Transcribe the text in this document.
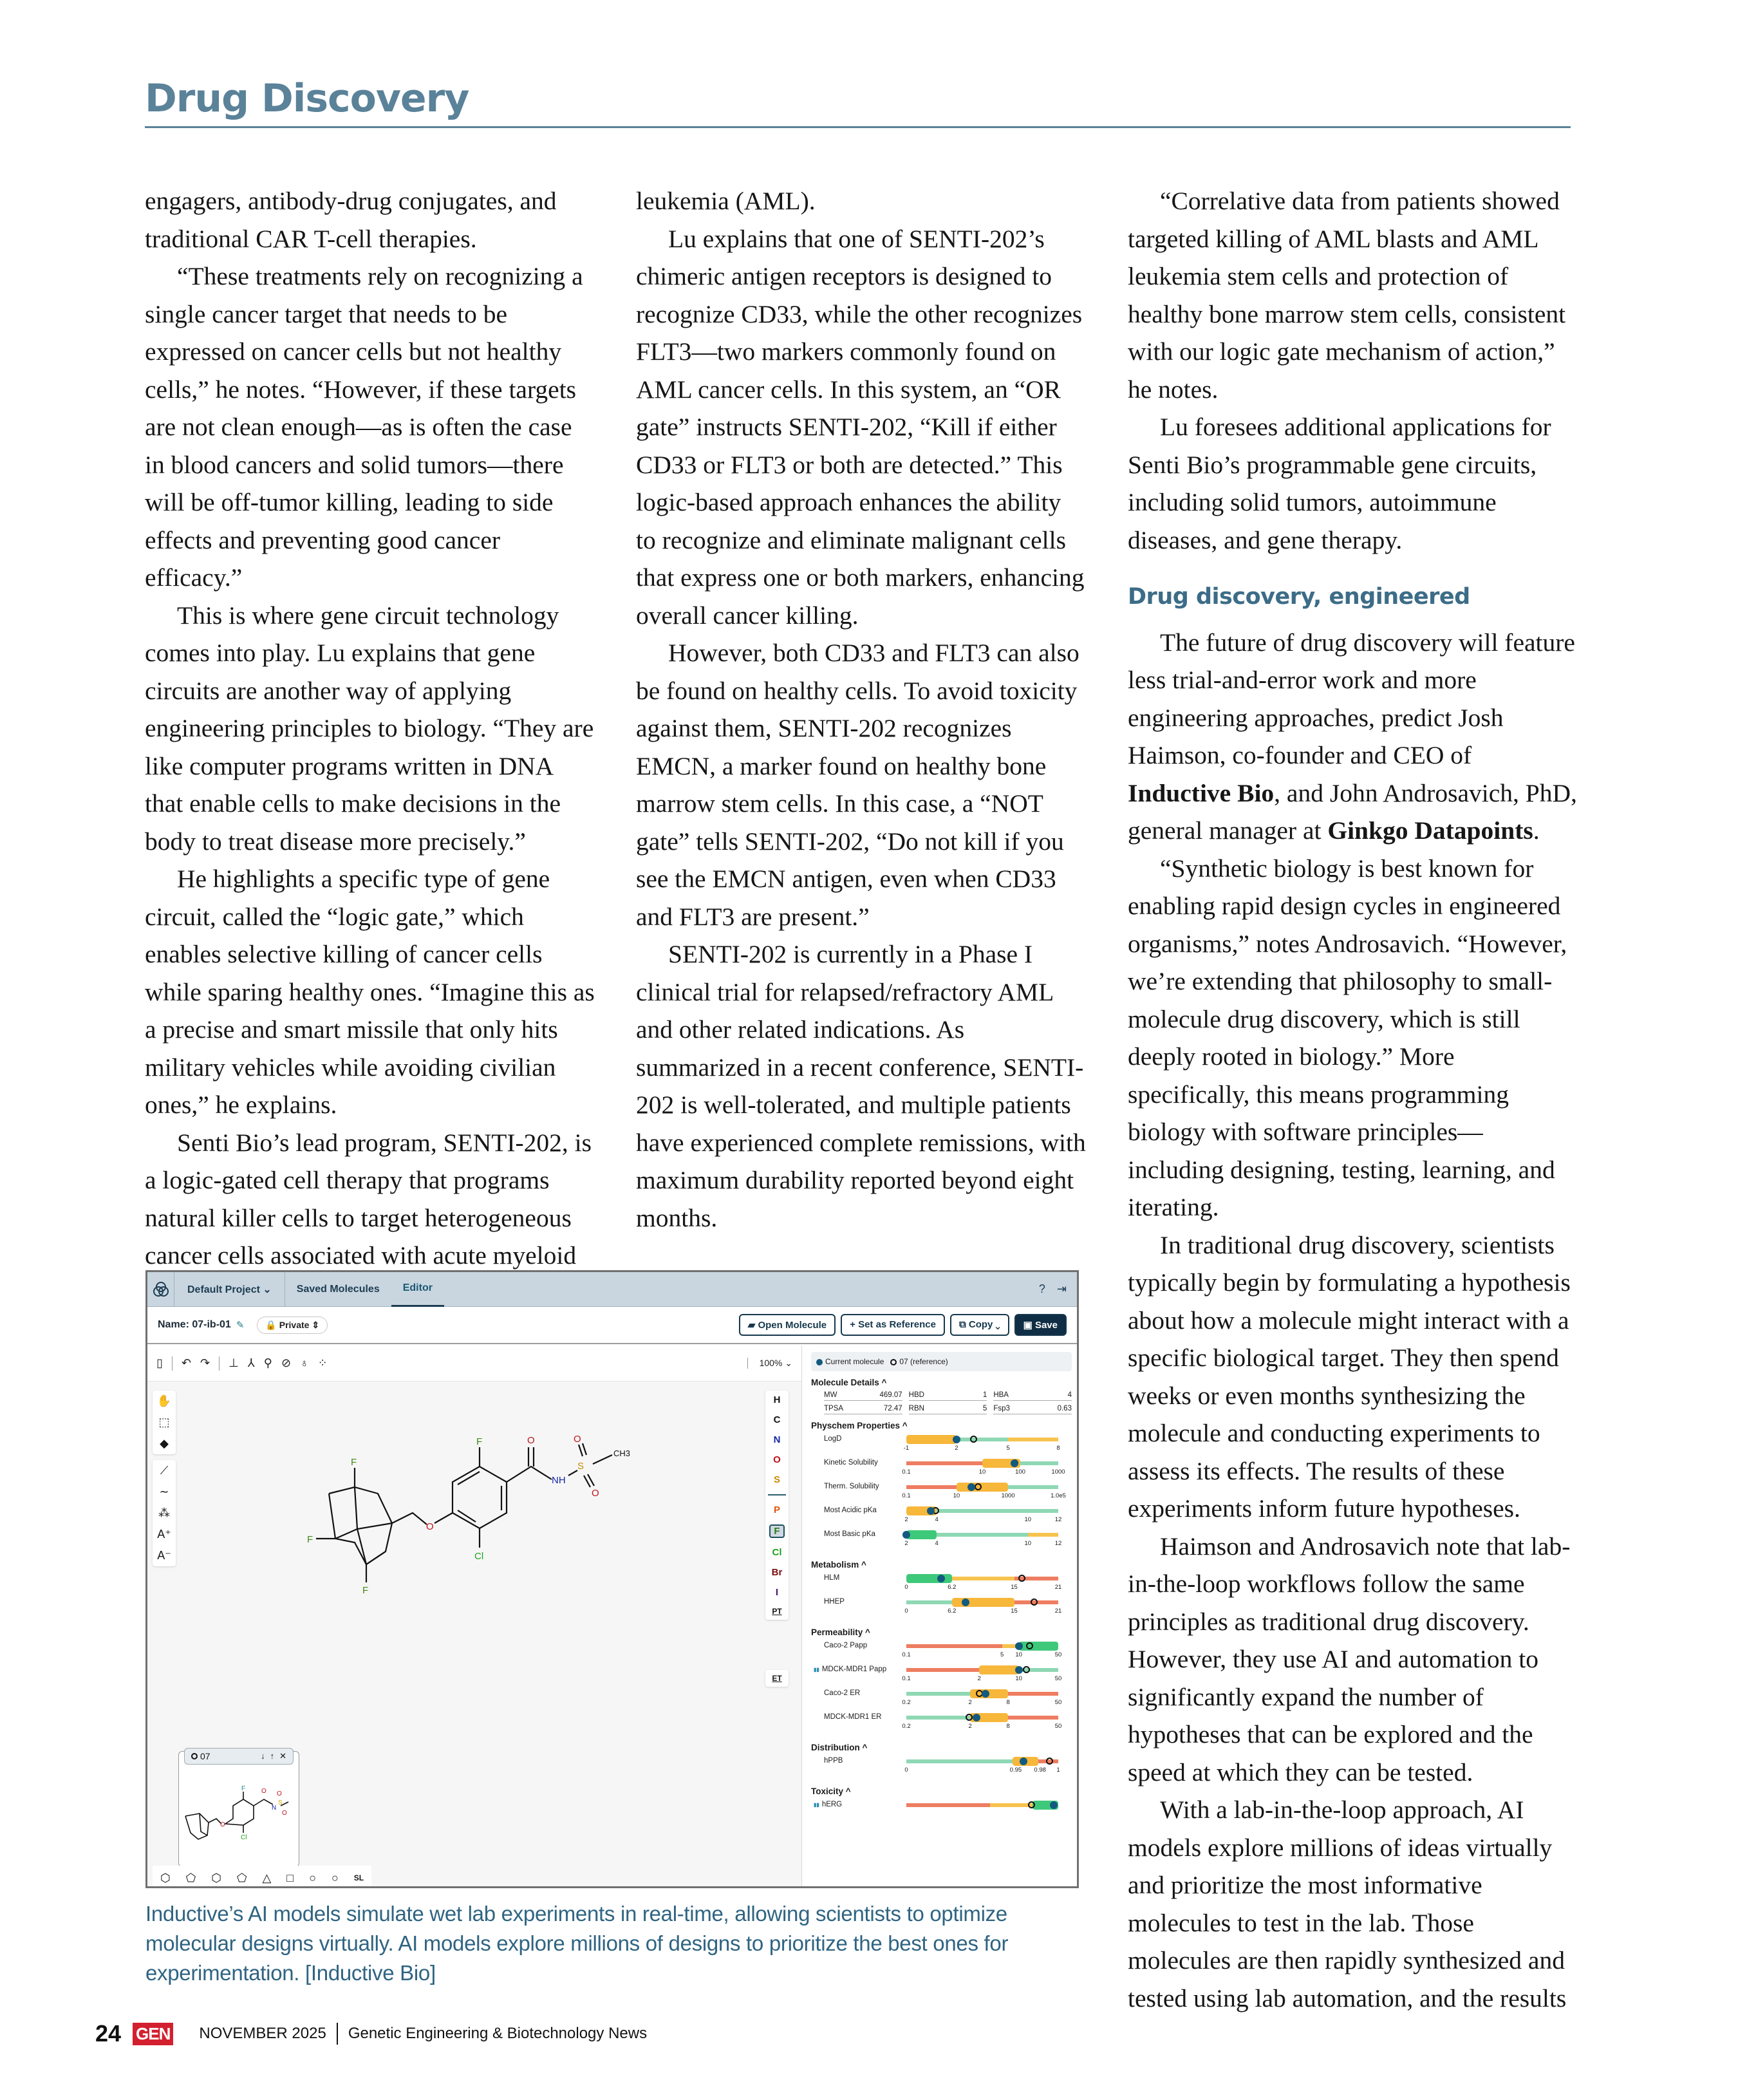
Drug Discovery

engagers, antibody-drug conjugates, and traditional CAR T-cell therapies.

“These treatments rely on recognizing a single cancer target that needs to be expressed on cancer cells but not healthy cells,” he notes. “However, if these targets are not clean enough—as is often the case in blood cancers and solid tumors—there will be off-tumor killing, leading to side effects and preventing good cancer efficacy.”

This is where gene circuit technology comes into play. Lu explains that gene circuits are another way of applying engineering principles to biology. “They are like computer programs written in DNA that enable cells to make decisions in the body to treat disease more precisely.”

He highlights a specific type of gene circuit, called the “logic gate,” which enables selective killing of cancer cells while sparing healthy ones. “Imagine this as a precise and smart missile that only hits military vehicles while avoiding civilian ones,” he explains.

Senti Bio’s lead program, SENTI-202, is a logic-gated cell therapy that programs natural killer cells to target heterogeneous cancer cells associated with acute myeloid

leukemia (AML).

Lu explains that one of SENTI-202’s chimeric antigen receptors is designed to recognize CD33, while the other recognizes FLT3—two markers commonly found on AML cancer cells. In this system, an “OR gate” instructs SENTI-202, “Kill if either CD33 or FLT3 or both are detected.” This logic-based approach enhances the ability to recognize and eliminate malignant cells that express one or both markers, enhancing overall cancer killing.

However, both CD33 and FLT3 can also be found on healthy cells. To avoid toxicity against them, SENTI-202 recognizes EMCN, a marker found on healthy bone marrow stem cells. In this case, a “NOT gate” tells SENTI-202, “Do not kill if you see the EMCN antigen, even when CD33 and FLT3 are present.”

SENTI-202 is currently in a Phase I clinical trial for relapsed/refractory AML and other related indications. As summarized in a recent conference, SENTI-202 is well-tolerated, and multiple patients have experienced complete remissions, with maximum durability reported beyond eight months.

“Correlative data from patients showed targeted killing of AML blasts and AML leukemia stem cells and protection of healthy bone marrow stem cells, consistent with our logic gate mechanism of action,” he notes.

Lu foresees additional applications for Senti Bio’s programmable gene circuits, including solid tumors, autoimmune diseases, and gene therapy.

Drug discovery, engineered

The future of drug discovery will feature less trial-and-error work and more engineering approaches, predict Josh Haimson, co-founder and CEO of Inductive Bio, and John Androsavich, PhD, general manager at Ginkgo Datapoints.

“Synthetic biology is best known for enabling rapid design cycles in engineered organisms,” notes Androsavich. “However, we’re extending that philosophy to small-molecule drug discovery, which is still deeply rooted in biology.” More specifically, this means programming biology with software principles—including designing, testing, learning, and iterating.

In traditional drug discovery, scientists typically begin by formulating a hypothesis about how a molecule might interact with a specific biological target. They then spend weeks or even months synthesizing the molecule and conducting experiments to assess its effects. The results of these experiments inform future hypotheses.

Haimson and Androsavich note that lab-in-the-loop workflows follow the same principles as traditional drug discovery. However, they use AI and automation to significantly expand the number of hypotheses that can be explored and the speed at which they can be tested.

With a lab-in-the-loop approach, AI models explore millions of ideas virtually and prioritize the most informative molecules to test in the lab. Those molecules are then rapidly synthesized and tested using lab automation, and the results

Default Project ⌄	Saved Molecules	Editor	? ⇥
Name: 07-ib-01 ✎	🔒 Private ⇕	▰ Open Molecule	+ Set as Reference	⧉ Copy ⌄	▣ Save
▯ ↶ ↷ ⊥ ⅄ ⚲ ⊘ ♁ ⁘	100% ⌄
✋
⬚
◆
⟋
∼
⁂
A⁺
A⁻
F
F
F
O
F
Cl
O
NH
S
O
O
CH3
H
C
N
O
S
P
F
Cl
Br
I
PT
ET
07	↓ ↑ ✕
O
F
Cl
O
N
S
O
O
⬡ ⬠ ⬡ ⬠ △ □ ○ ○ SL
Current molecule	07 (reference)
Molecule Details ^
MW	469.07 HBD	1 HBA	4
TPSA	72.47 RBN	5 Fsp3	0.63
Physchem Properties ^
LogD
-1	2	5	8
Kinetic Solubility
0.1	10	100	1000
Therm. Solubility
0.1	10	1000	1.0e5
Most Acidic pKa
2	4	10	12
Most Basic pKa
2	4	10	12
Metabolism ^
HLM
0	6.2	15	21
HHEP
0	6.2	15	21
Permeability ^
Caco-2 Papp
0.1	5 10	50
▮▮ MDCK-MDR1 Papp
0.1	2	10	50
Caco-2 ER
0.2	2	8	50
MDCK-MDR1 ER
0.2	2	8	50
Distribution ^
hPPB
0	0.95 0.98 1
Toxicity ^
▮▮ hERG
Inductive’s AI models simulate wet lab experiments in real-time, allowing scientists to optimize molecular designs virtually. AI models explore millions of designs to prioritize the best ones for experimentation. [Inductive Bio]
24 GEN NOVEMBER 2025 Genetic Engineering & Biotechnology News
